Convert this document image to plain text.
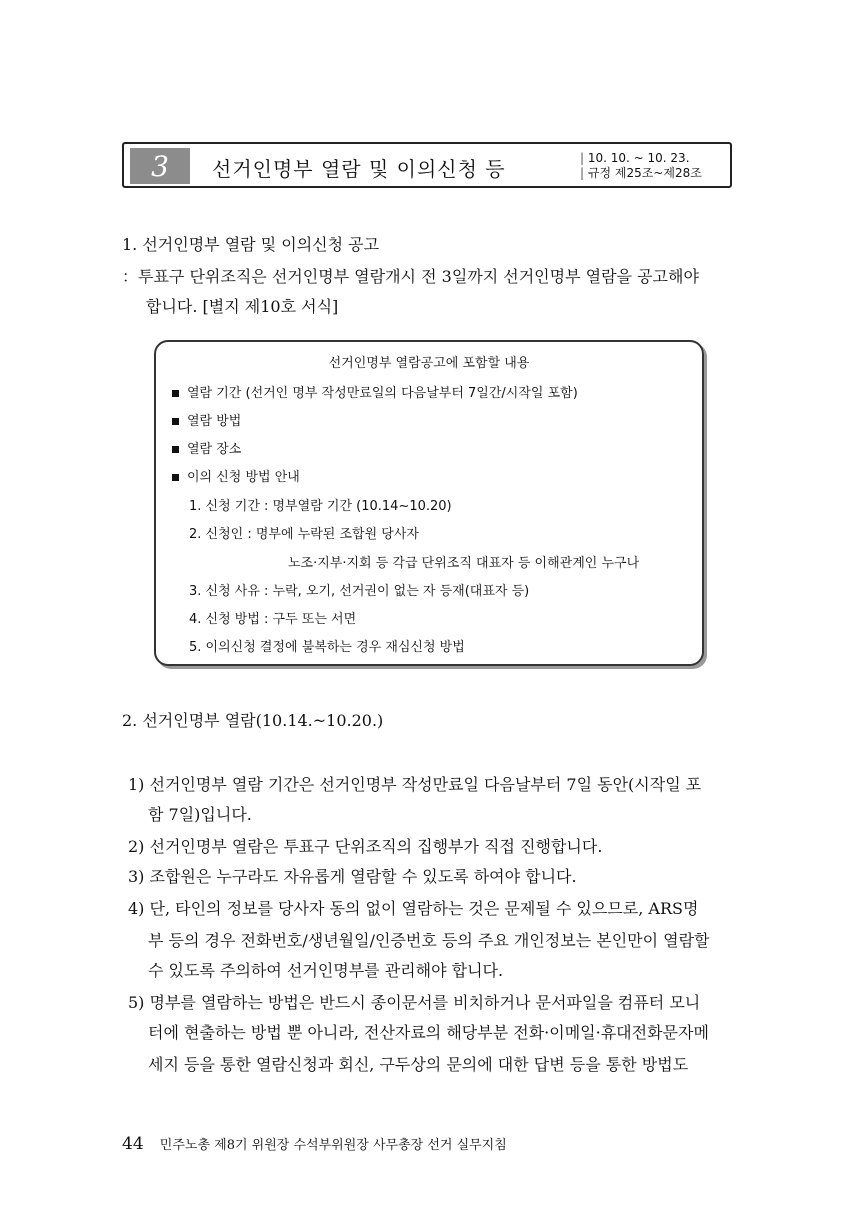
3	선거인명부 열람 및 이의신청 등
|	10. 10. ~ 10. 23.
| 규정 제25조~제28조
1. 선거인명부 열람 및 이의신청 공고
：투표구 단위조직은 선거인명부 열람개시 전 3일까지 선거인명부 열람을 공고해야
합니다. [별지 제10호 서식]
선거인명부 열람공고에 포함할 내용
열람 기간 (선거인 명부 작성만료일의 다음날부터 7일간/시작일 포함)
열람 방법
열람 장소
이의 신청 방법 안내
1. 신청 기간 : 명부열람 기간 (10.14~10.20)
2. 신청인 : 명부에 누락된 조합원 당사자
노조·지부·지회 등 각급 단위조직 대표자 등 이해관계인 누구나
3. 신청 사유 : 누락, 오기, 선거권이 없는 자 등재(대표자 등)
4. 신청 방법 : 구두 또는 서면
5. 이의신청 결정에 불복하는 경우 재심신청 방법
2. 선거인명부 열람(10.14.~10.20.)
1) 선거인명부 열람 기간은 선거인명부 작성만료일 다음날부터 7일 동안(시작일 포
함 7일)입니다.
2) 선거인명부 열람은 투표구 단위조직의 집행부가 직접 진행합니다.
3) 조합원은 누구라도 자유롭게 열람할 수 있도록 하여야 합니다.
4) 단, 타인의 정보를 당사자 동의 없이 열람하는 것은 문제될 수 있으므로, ARS명
부 등의 경우 전화번호/생년월일/인증번호 등의 주요 개인정보는 본인만이 열람할
수 있도록 주의하여 선거인명부를 관리해야 합니다.
5) 명부를 열람하는 방법은 반드시 종이문서를 비치하거나 문서파일을 컴퓨터 모니
터에 현출하는 방법 뿐 아니라, 전산자료의 해당부분 전화·이메일·휴대전화문자메
세지 등을 통한 열람신청과 회신, 구두상의 문의에 대한 답변 등을 통한 방법도
44 민주노총 제8기 위원장 수석부위원장 사무총장 선거 실무지침
